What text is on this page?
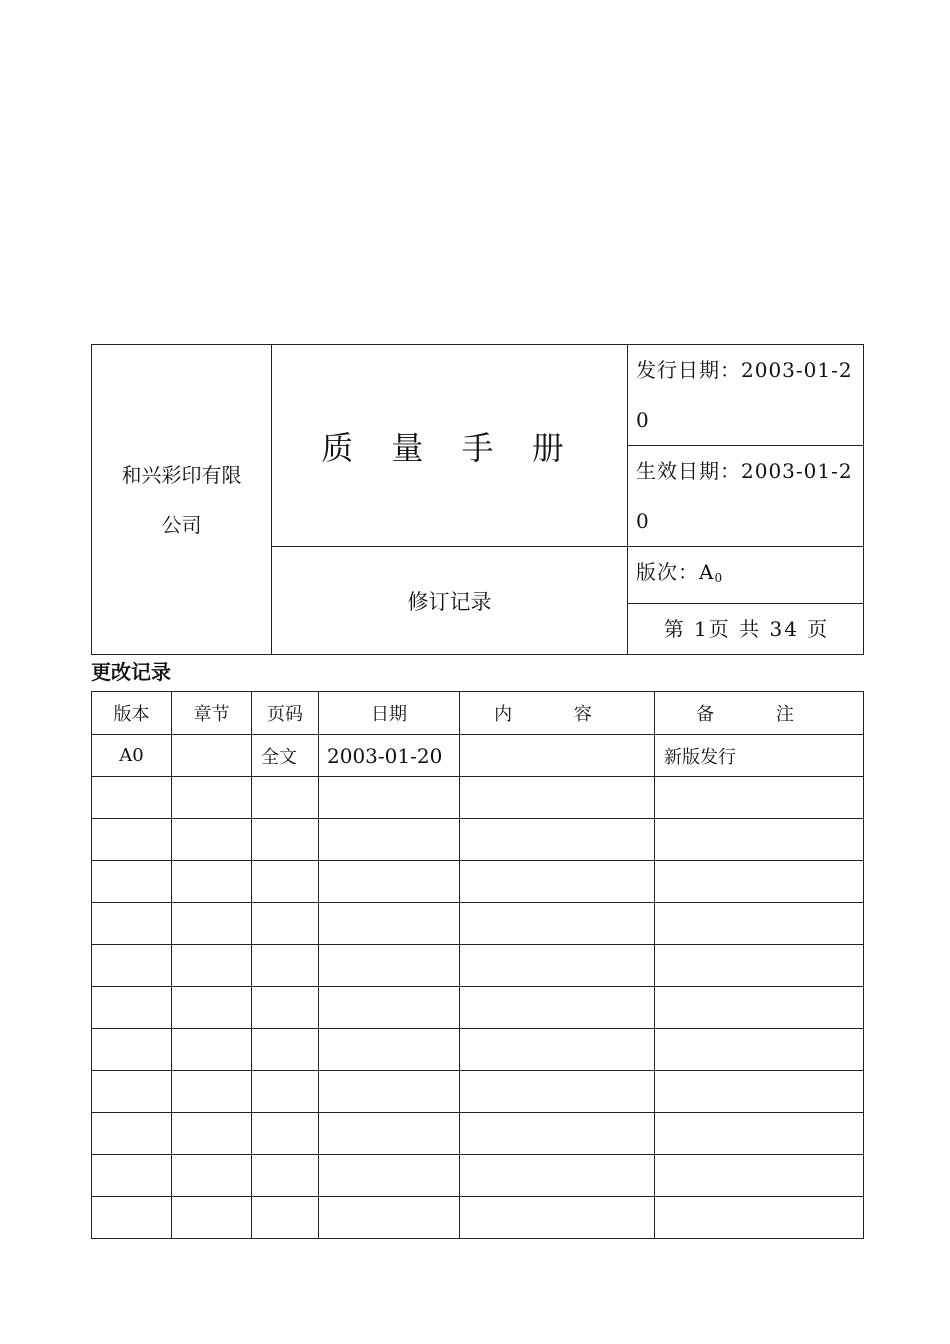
和兴彩印有限
公司	质 量 手 册	发行日期：2003-01-20
		生效日期：2003-01-20
	修订记录	版次：$A_0$
		第 1页 共 34 页
更改记录
版本	章节	页码	日期	内 容	备 注
A0		全文	2003-01-20		新版发行
